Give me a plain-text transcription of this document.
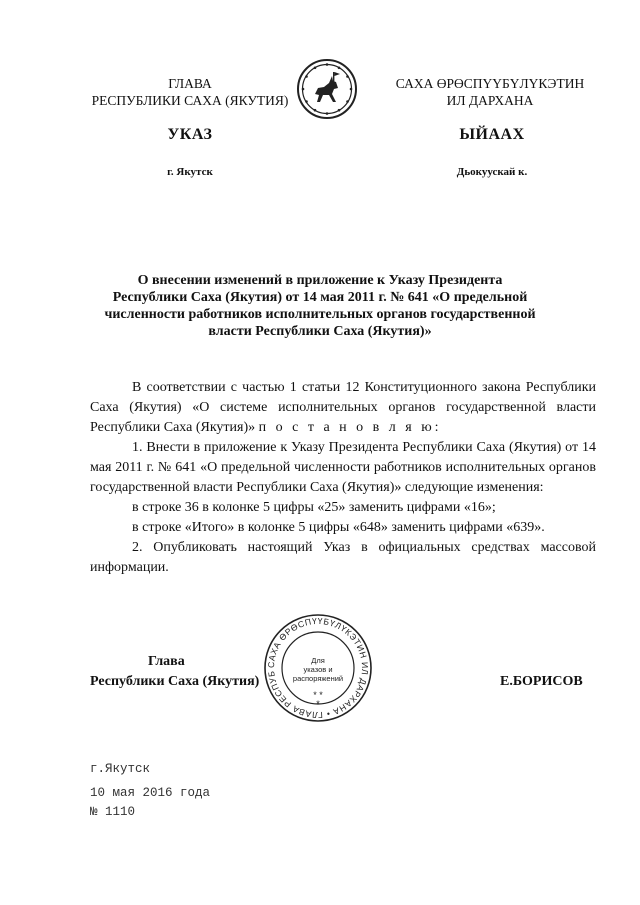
ГЛАВА
РЕСПУБЛИКИ САХА (ЯКУТИЯ)
САХА ӨРӨСПҮҮБҮЛҮКЭТИН
ИЛ ДАРХАНА
УКАЗ	ЫЙААХ
г. Якутск	Дьокуускай к.
О внесении изменений в приложение к Указу Президента
Республики Саха (Якутия) от 14 мая 2011 г. № 641 «О предельной
численности работников исполнительных органов государственной
власти Республики Саха (Якутия)»

В соответствии с частью 1 статьи 12 Конституционного закона Республики Саха (Якутия) «О системе исполнительных органов государственной власти Республики Саха (Якутия)» п о с т а н о в л я ю:

1. Внести в приложение к Указу Президента Республики Саха (Якутия) от 14 мая 2011 г. № 641 «О предельной численности работников исполнительных органов государственной власти Республики Саха (Якутия)» следующие изменения:

в строке 36 в колонке 5 цифры «25» заменить цифрами «16»;

в строке «Итого» в колонке 5 цифры «648» заменить цифрами «639».

2. Опубликовать настоящий Указ в официальных средствах массовой информации.

Глава
Республики Саха (Якутия)	Е.БОРИСОВ
САХА ӨРӨСПҮҮБҮЛҮКЭТИН ИЛ ДАРХАНА • ГЛАВА РЕСПУБ
Для
указов и
распоряжений
* *
*
г.Якутск
10 мая 2016 года
№ 1110
